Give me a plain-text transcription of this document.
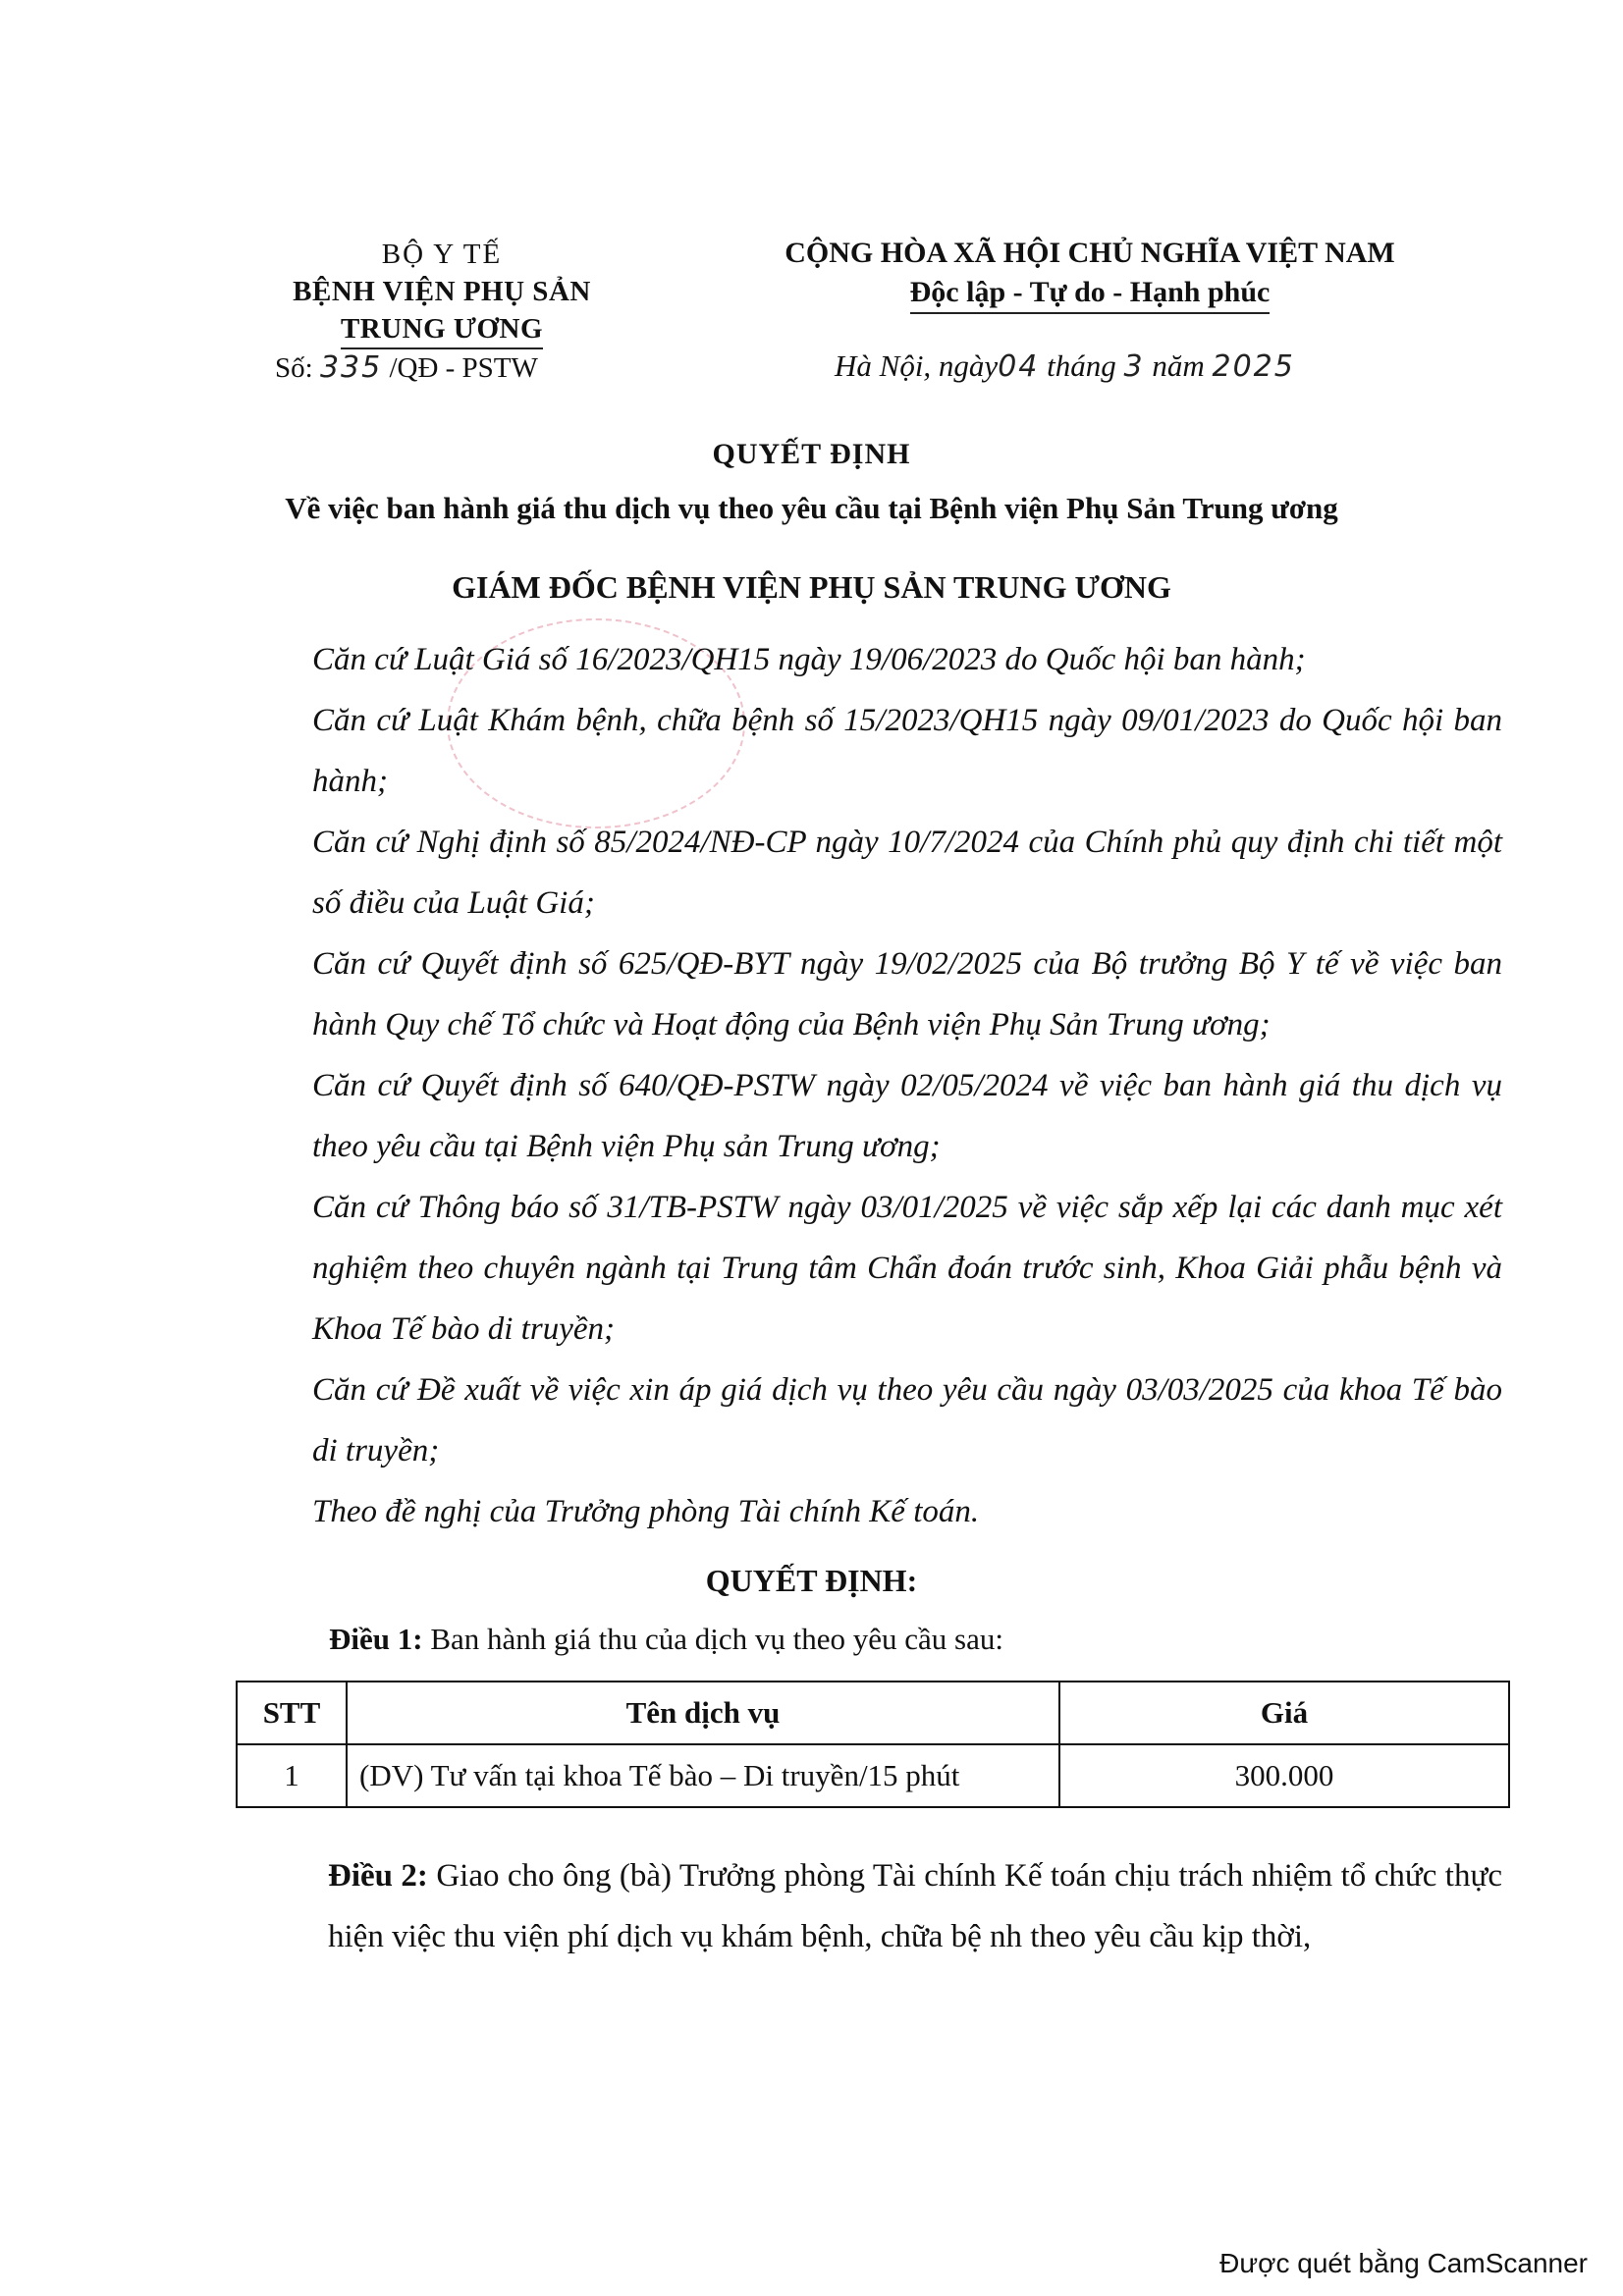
BỘ Y TẾ
BỆNH VIỆN PHỤ SẢN
TRUNG ƯƠNG
Số: 335 /QĐ - PSTW
CỘNG HÒA XÃ HỘI CHỦ NGHĨA VIỆT NAM
Độc lập - Tự do - Hạnh phúc
Hà Nội, ngày04 tháng 3 năm 2025
QUYẾT ĐỊNH
Về việc ban hành giá thu dịch vụ theo yêu cầu tại Bệnh viện Phụ Sản Trung ương
GIÁM ĐỐC BỆNH VIỆN PHỤ SẢN TRUNG ƯƠNG
Căn cứ Luật Giá số 16/2023/QH15 ngày 19/06/2023 do Quốc hội ban hành;
Căn cứ Luật Khám bệnh, chữa bệnh số 15/2023/QH15 ngày 09/01/2023 do Quốc hội ban hành;
Căn cứ Nghị định số 85/2024/NĐ-CP ngày 10/7/2024 của Chính phủ quy định chi tiết một số điều của Luật Giá;
Căn cứ Quyết định số 625/QĐ-BYT ngày 19/02/2025 của Bộ trưởng Bộ Y tế về việc ban hành Quy chế Tổ chức và Hoạt động của Bệnh viện Phụ Sản Trung ương;
Căn cứ Quyết định số 640/QĐ-PSTW ngày 02/05/2024 về việc ban hành giá thu dịch vụ theo yêu cầu tại Bệnh viện Phụ sản Trung ương;
Căn cứ Thông báo số 31/TB-PSTW ngày 03/01/2025 về việc sắp xếp lại các danh mục xét nghiệm theo chuyên ngành tại Trung tâm Chẩn đoán trước sinh, Khoa Giải phẫu bệnh và Khoa Tế bào di truyền;
Căn cứ Đề xuất về việc xin áp giá dịch vụ theo yêu cầu ngày 03/03/2025 của khoa Tế bào di truyền;
Theo đề nghị của Trưởng phòng Tài chính Kế toán.
QUYẾT ĐỊNH:
Điều 1: Ban hành giá thu của dịch vụ theo yêu cầu sau:
STT	Tên dịch vụ	Giá
1	(DV) Tư vấn tại khoa Tế bào – Di truyền/15 phút	300.000
Điều 2: Giao cho ông (bà) Trưởng phòng Tài chính Kế toán chịu trách nhiệm tổ chức thực hiện việc thu viện phí dịch vụ khám bệnh, chữa bệ nh theo yêu cầu kịp thời,
Được quét bằng CamScanner
